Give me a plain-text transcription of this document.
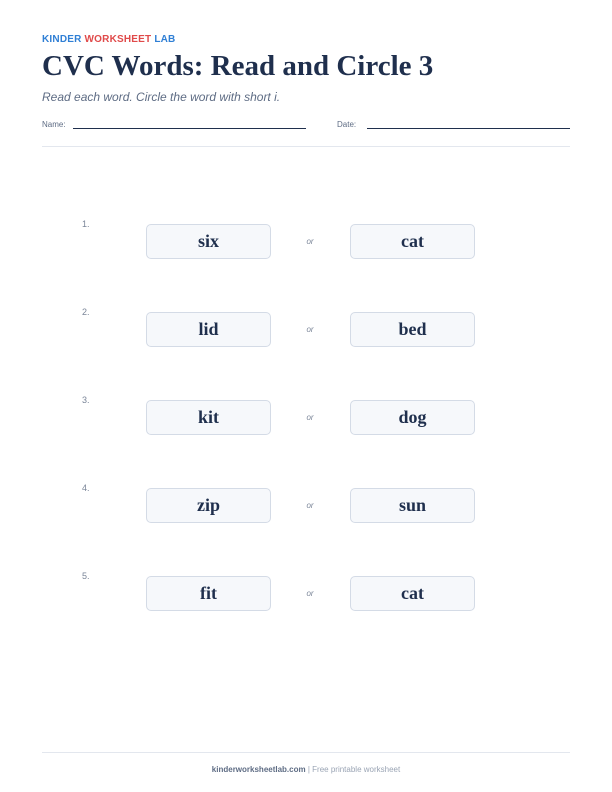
KINDER WORKSHEET LAB
CVC Words: Read and Circle 3
Read each word. Circle the word with short i.
Name:	Date:
1.
six	or	cat
2.
lid	or	bed
3.
kit	or	dog
4.
zip	or	sun
5.
fit	or	cat
kinderworksheetlab.com | Free printable worksheet
